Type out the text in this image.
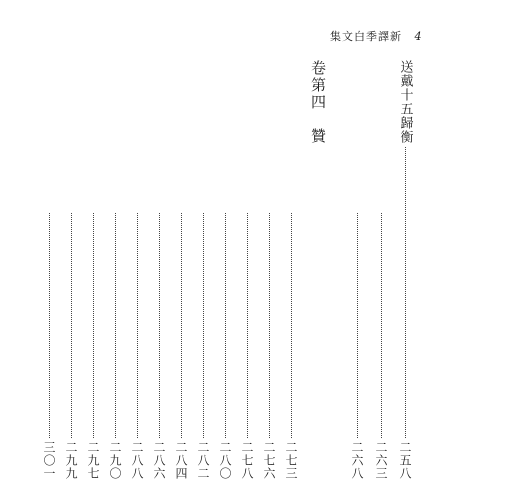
集文白季譯新 4
送戴十五歸衡
二五八
二六三
二六八
卷第四 贊
二七三
二七六
二七八
二八〇
二八二
二八四
二八六
二八八
二九〇
二九七
二九九
三〇一
